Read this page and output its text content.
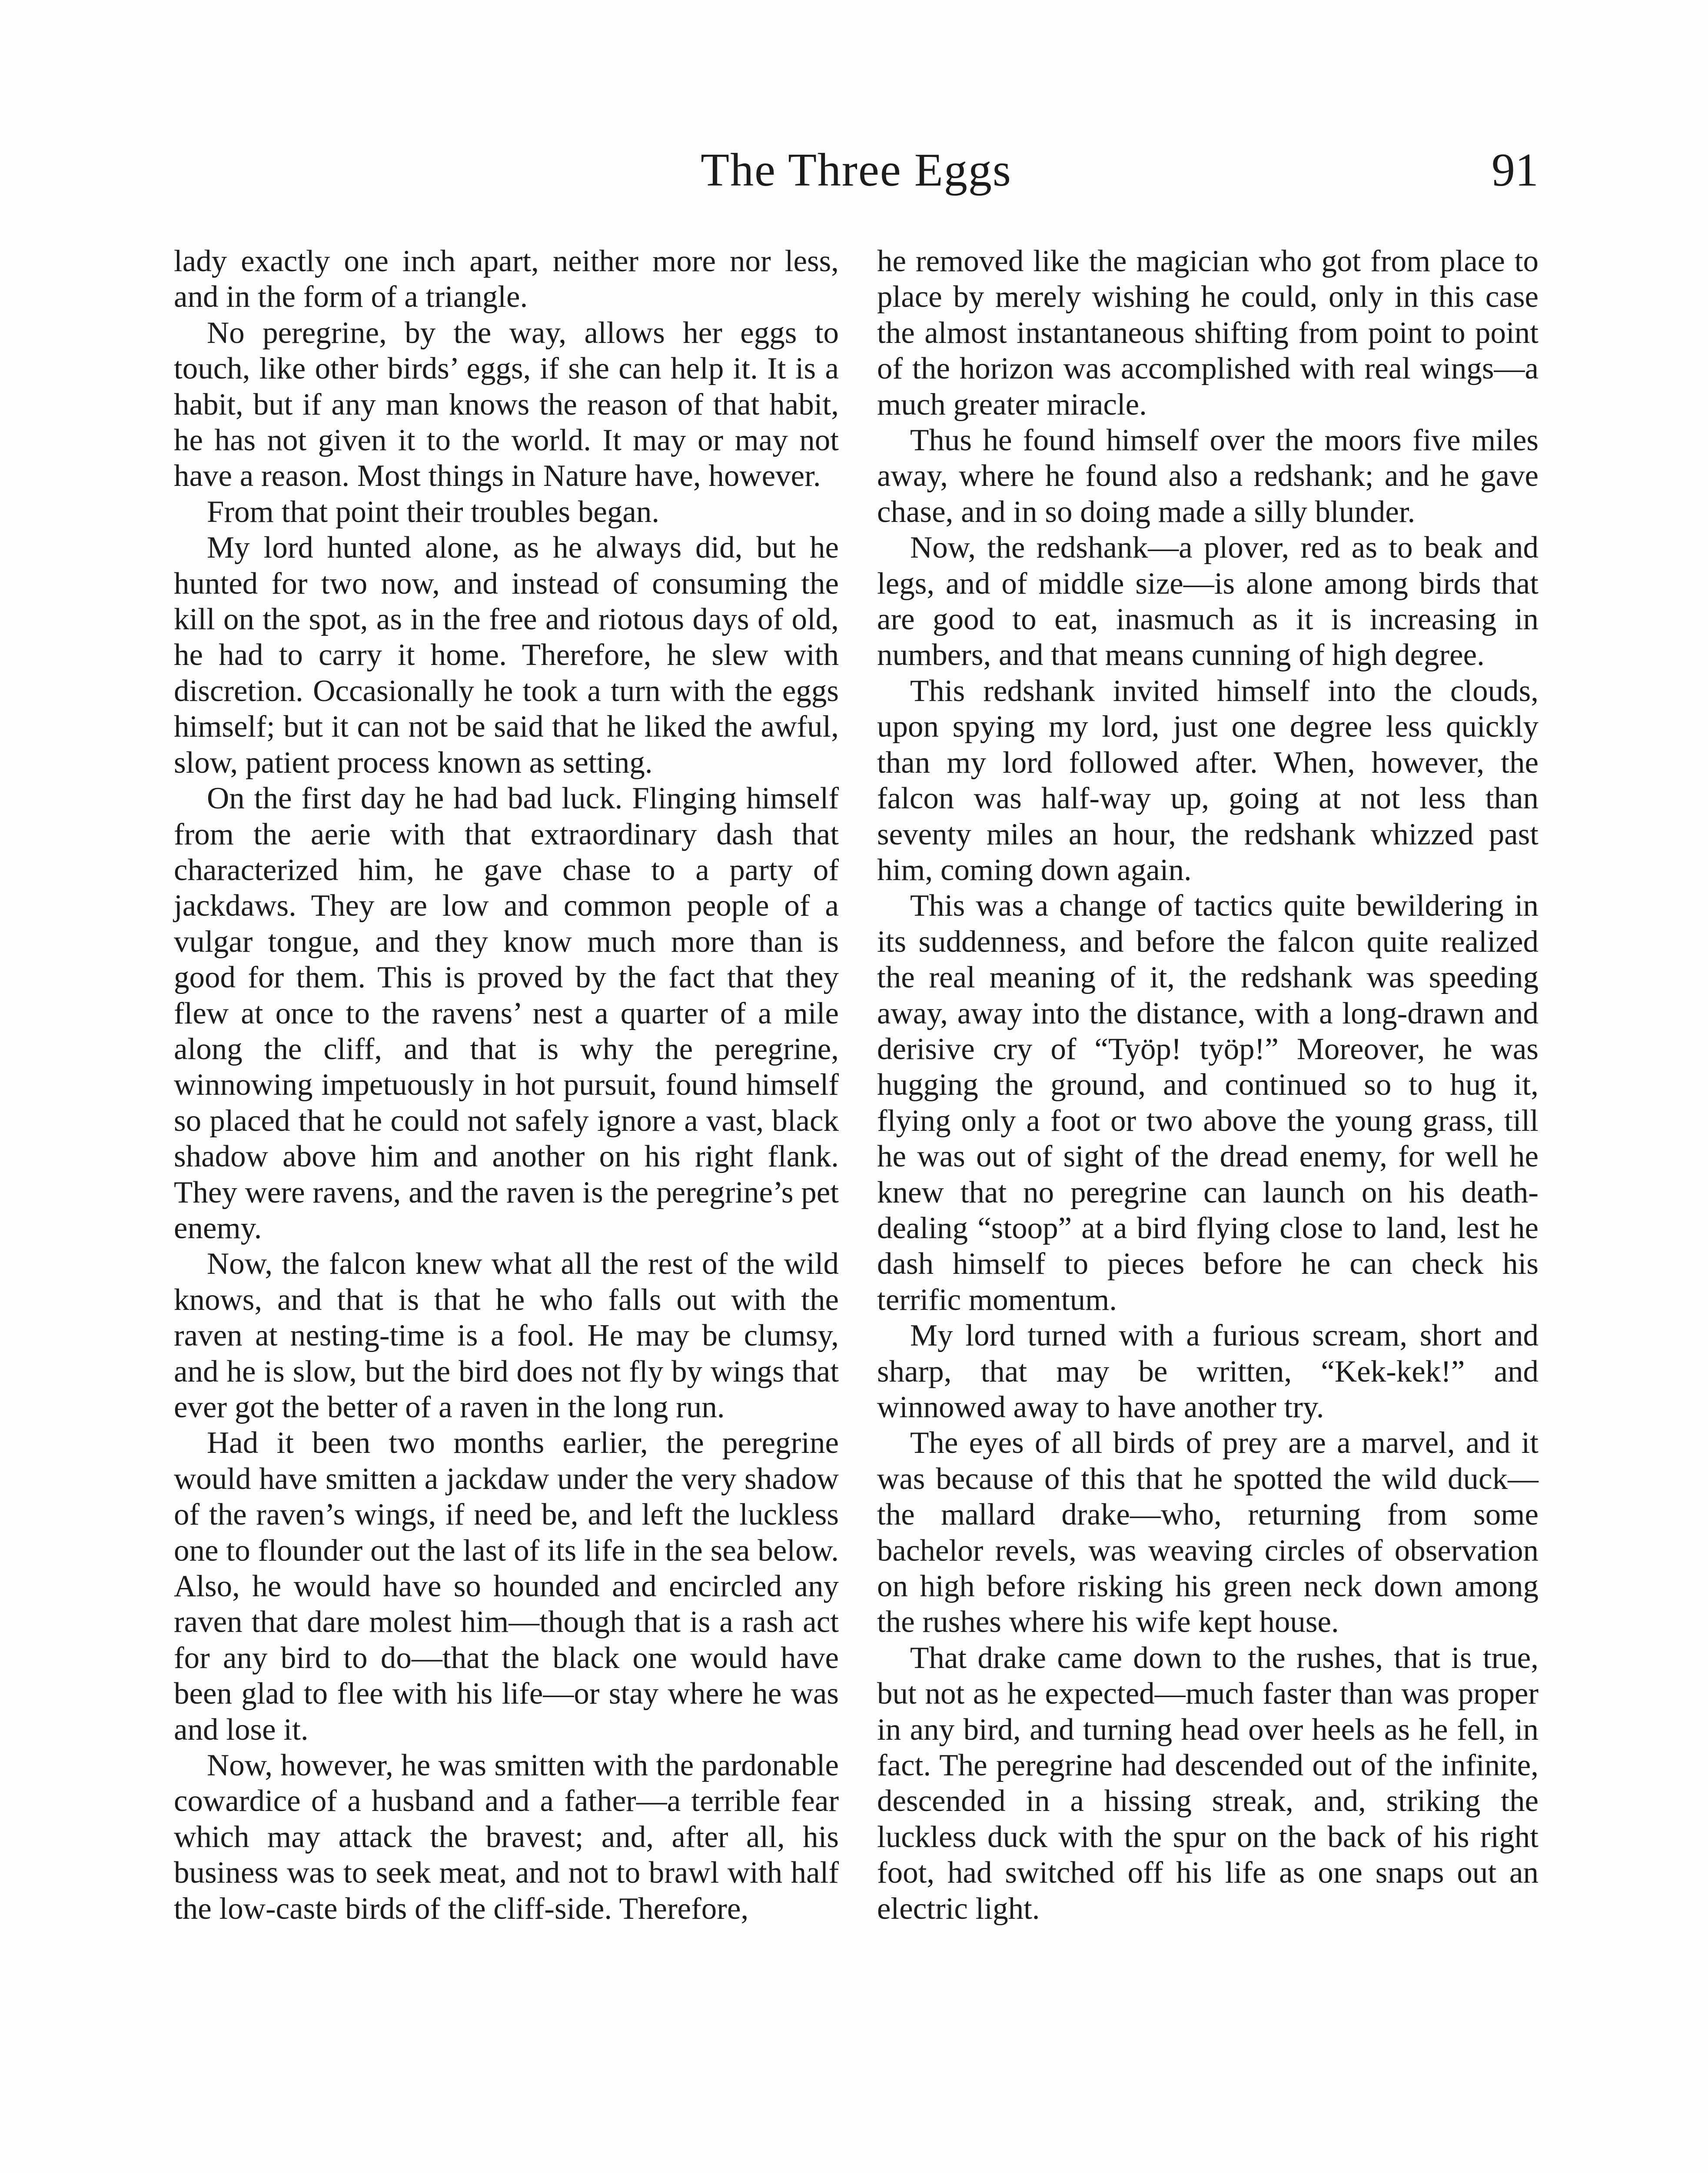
The Three Eggs	91

lady exactly one inch apart, neither more nor less, and in the form of a triangle.

No peregrine, by the way, allows her eggs to touch, like other birds’ eggs, if she can help it. It is a habit, but if any man knows the reason of that habit, he has not given it to the world. It may or may not have a reason. Most things in Nature have, however.

From that point their troubles began.

My lord hunted alone, as he always did, but he hunted for two now, and instead of consuming the kill on the spot, as in the free and riotous days of old, he had to carry it home. Therefore, he slew with discretion. Occasionally he took a turn with the eggs himself; but it can not be said that he liked the awful, slow, patient process known as setting.

On the first day he had bad luck. Flinging himself from the aerie with that extraordinary dash that characterized him, he gave chase to a party of jackdaws. They are low and common people of a vulgar tongue, and they know much more than is good for them. This is proved by the fact that they flew at once to the ravens’ nest a quarter of a mile along the cliff, and that is why the peregrine, winnowing impetuously in hot pursuit, found himself so placed that he could not safely ignore a vast, black shadow above him and another on his right flank. They were ravens, and the raven is the peregrine’s pet enemy.

Now, the falcon knew what all the rest of the wild knows, and that is that he who falls out with the raven at nesting-time is a fool. He may be clumsy, and he is slow, but the bird does not fly by wings that ever got the better of a raven in the long run.

Had it been two months earlier, the peregrine would have smitten a jackdaw under the very shadow of the raven’s wings, if need be, and left the luckless one to flounder out the last of its life in the sea below. Also, he would have so hounded and encircled any raven that dare molest him—though that is a rash act for any bird to do—that the black one would have been glad to flee with his life—or stay where he was and lose it.

Now, however, he was smitten with the pardonable cowardice of a husband and a father—a terrible fear which may attack the bravest; and, after all, his business was to seek meat, and not to brawl with half the low-caste birds of the cliff-side. Therefore,

he removed like the magician who got from place to place by merely wishing he could, only in this case the almost instantaneous shifting from point to point of the horizon was accomplished with real wings—a much greater miracle.

Thus he found himself over the moors five miles away, where he found also a redshank; and he gave chase, and in so doing made a silly blunder.

Now, the redshank—a plover, red as to beak and legs, and of middle size—is alone among birds that are good to eat, inasmuch as it is increasing in numbers, and that means cunning of high degree.

This redshank invited himself into the clouds, upon spying my lord, just one degree less quickly than my lord followed after. When, however, the falcon was half-way up, going at not less than seventy miles an hour, the redshank whizzed past him, coming down again.

This was a change of tactics quite bewildering in its suddenness, and before the falcon quite realized the real meaning of it, the redshank was speeding away, away into the distance, with a long-drawn and derisive cry of “Työp! työp!” Moreover, he was hugging the ground, and continued so to hug it, flying only a foot or two above the young grass, till he was out of sight of the dread enemy, for well he knew that no peregrine can launch on his death-dealing “stoop” at a bird flying close to land, lest he dash himself to pieces before he can check his terrific momentum.

My lord turned with a furious scream, short and sharp, that may be written, “Kek-kek!” and winnowed away to have another try.

The eyes of all birds of prey are a marvel, and it was because of this that he spotted the wild duck—the mallard drake—who, returning from some bachelor revels, was weaving circles of observation on high before risking his green neck down among the rushes where his wife kept house.

That drake came down to the rushes, that is true, but not as he expected—much faster than was proper in any bird, and turning head over heels as he fell, in fact. The peregrine had descended out of the infinite, descended in a hissing streak, and, striking the luckless duck with the spur on the back of his right foot, had switched off his life as one snaps out an electric light.
